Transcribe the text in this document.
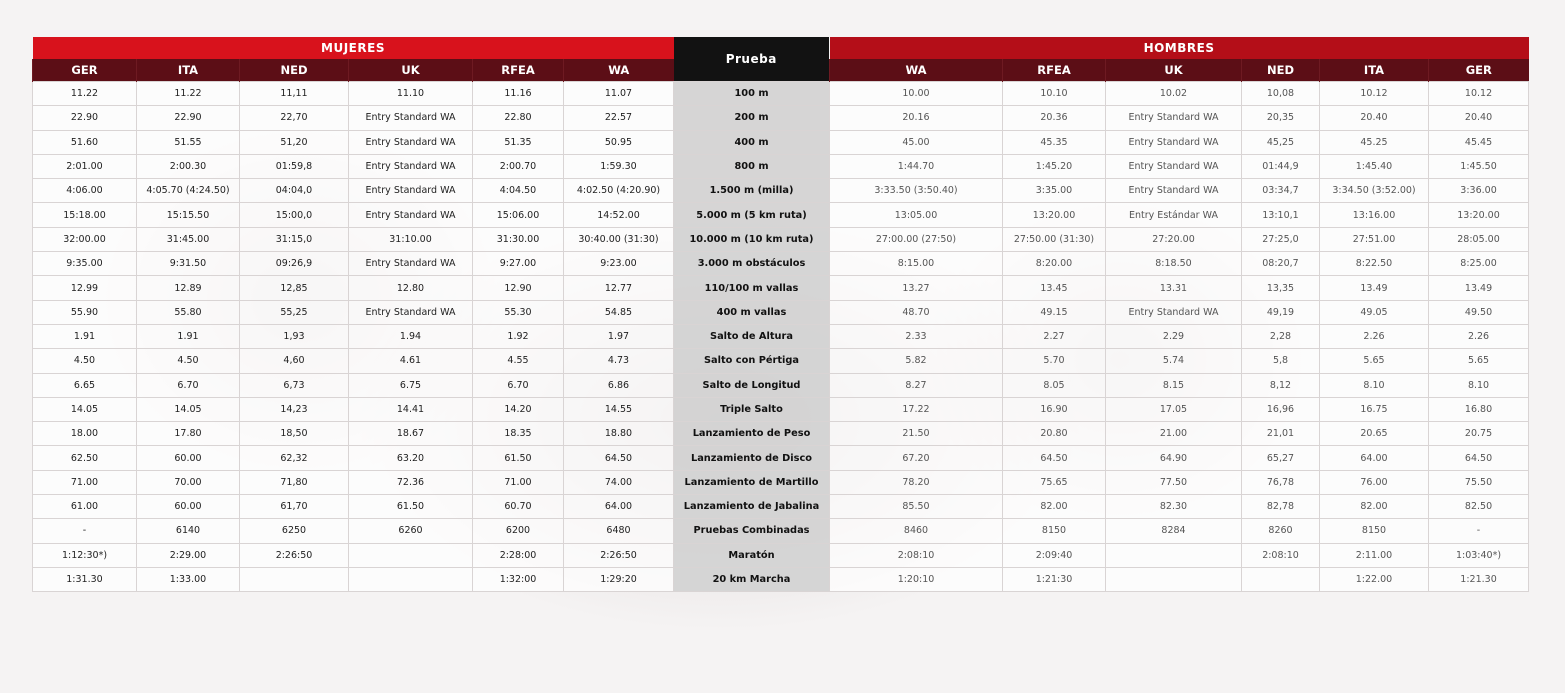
MUJERES						Prueba	HOMBRES					
GER	ITA	NED	UK	RFEA	WA		WA	RFEA	UK	NED	ITA	GER
11.22	11.22	11,11	11.10	11.16	11.07	100 m	10.00	10.10	10.02	10,08	10.12	10.12
22.90	22.90	22,70	Entry Standard WA	22.80	22.57	200 m	20.16	20.36	Entry Standard WA	20,35	20.40	20.40
51.60	51.55	51,20	Entry Standard WA	51.35	50.95	400 m	45.00	45.35	Entry Standard WA	45,25	45.25	45.45
2:01.00	2:00.30	01:59,8	Entry Standard WA	2:00.70	1:59.30	800 m	1:44.70	1:45.20	Entry Standard WA	01:44,9	1:45.40	1:45.50
4:06.00	4:05.70 (4:24.50)	04:04,0	Entry Standard WA	4:04.50	4:02.50 (4:20.90)	1.500 m (milla)	3:33.50 (3:50.40)	3:35.00	Entry Standard WA	03:34,7	3:34.50 (3:52.00)	3:36.00
15:18.00	15:15.50	15:00,0	Entry Standard WA	15:06.00	14:52.00	5.000 m (5 km ruta)	13:05.00	13:20.00	Entry Estándar WA	13:10,1	13:16.00	13:20.00
32:00.00	31:45.00	31:15,0	31:10.00	31:30.00	30:40.00 (31:30)	10.000 m (10 km ruta)	27:00.00 (27:50)	27:50.00 (31:30)	27:20.00	27:25,0	27:51.00	28:05.00
9:35.00	9:31.50	09:26,9	Entry Standard WA	9:27.00	9:23.00	3.000 m obstáculos	8:15.00	8:20.00	8:18.50	08:20,7	8:22.50	8:25.00
12.99	12.89	12,85	12.80	12.90	12.77	110/100 m vallas	13.27	13.45	13.31	13,35	13.49	13.49
55.90	55.80	55,25	Entry Standard WA	55.30	54.85	400 m vallas	48.70	49.15	Entry Standard WA	49,19	49.05	49.50
1.91	1.91	1,93	1.94	1.92	1.97	Salto de Altura	2.33	2.27	2.29	2,28	2.26	2.26
4.50	4.50	4,60	4.61	4.55	4.73	Salto con Pértiga	5.82	5.70	5.74	5,8	5.65	5.65
6.65	6.70	6,73	6.75	6.70	6.86	Salto de Longitud	8.27	8.05	8.15	8,12	8.10	8.10
14.05	14.05	14,23	14.41	14.20	14.55	Triple Salto	17.22	16.90	17.05	16,96	16.75	16.80
18.00	17.80	18,50	18.67	18.35	18.80	Lanzamiento de Peso	21.50	20.80	21.00	21,01	20.65	20.75
62.50	60.00	62,32	63.20	61.50	64.50	Lanzamiento de Disco	67.20	64.50	64.90	65,27	64.00	64.50
71.00	70.00	71,80	72.36	71.00	74.00	Lanzamiento de Martillo	78.20	75.65	77.50	76,78	76.00	75.50
61.00	60.00	61,70	61.50	60.70	64.00	Lanzamiento de Jabalina	85.50	82.00	82.30	82,78	82.00	82.50
-	6140	6250	6260	6200	6480	Pruebas Combinadas	8460	8150	8284	8260	8150	-
1:12:30*)	2:29.00	2:26:50		2:28:00	2:26:50	Maratón	2:08:10	2:09:40		2:08:10	2:11.00	1:03:40*)
1:31.30	1:33.00			1:32:00	1:29:20	20 km Marcha	1:20:10	1:21:30			1:22.00	1:21.30
